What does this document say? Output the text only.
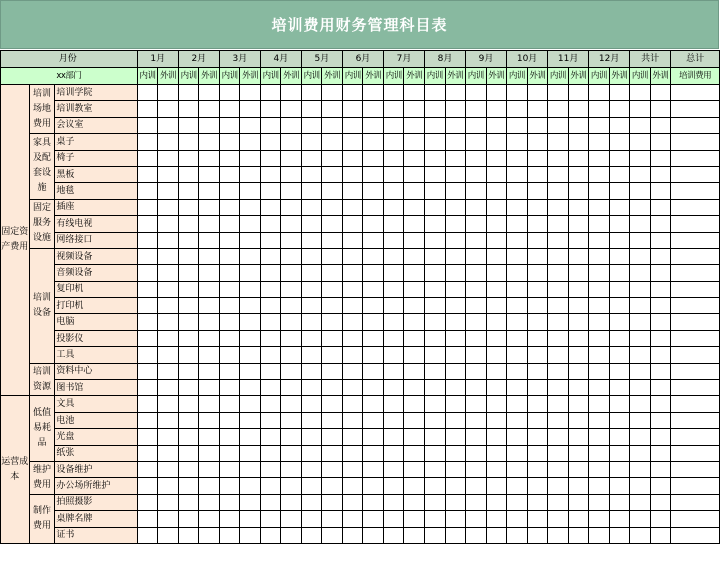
培训费用财务管理科目表
月份			1月		2月		3月		4月		5月		6月		7月		8月		9月		10月		11月		12月		共计		总计
xx部门			内训	外训	内训	外训	内训	外训	内训	外训	内训	外训	内训	外训	内训	外训	内训	外训	内训	外训	内训	外训	内训	外训	内训	外训	内训	外训	培训费用
固定资产费用	培训场地费用	培训学院																											
		培训教室																											
		会议室																											
	家具及配套设施	桌子																											
		椅子																											
		黑板																											
		地毯																											
	固定服务设施	插座																											
		有线电视																											
		网络接口																											
	培训设备	视频设备																											
		音频设备																											
		复印机																											
		打印机																											
		电脑																											
		投影仪																											
		工具																											
	培训资源	资料中心																											
		图书馆																											
运营成本	低值易耗品	文具																											
		电池																											
		光盘																											
		纸张																											
	维护费用	设备维护																											
		办公场所维护																											
	制作费用	拍照摄影																											
		桌牌名牌																											
		证书																											
